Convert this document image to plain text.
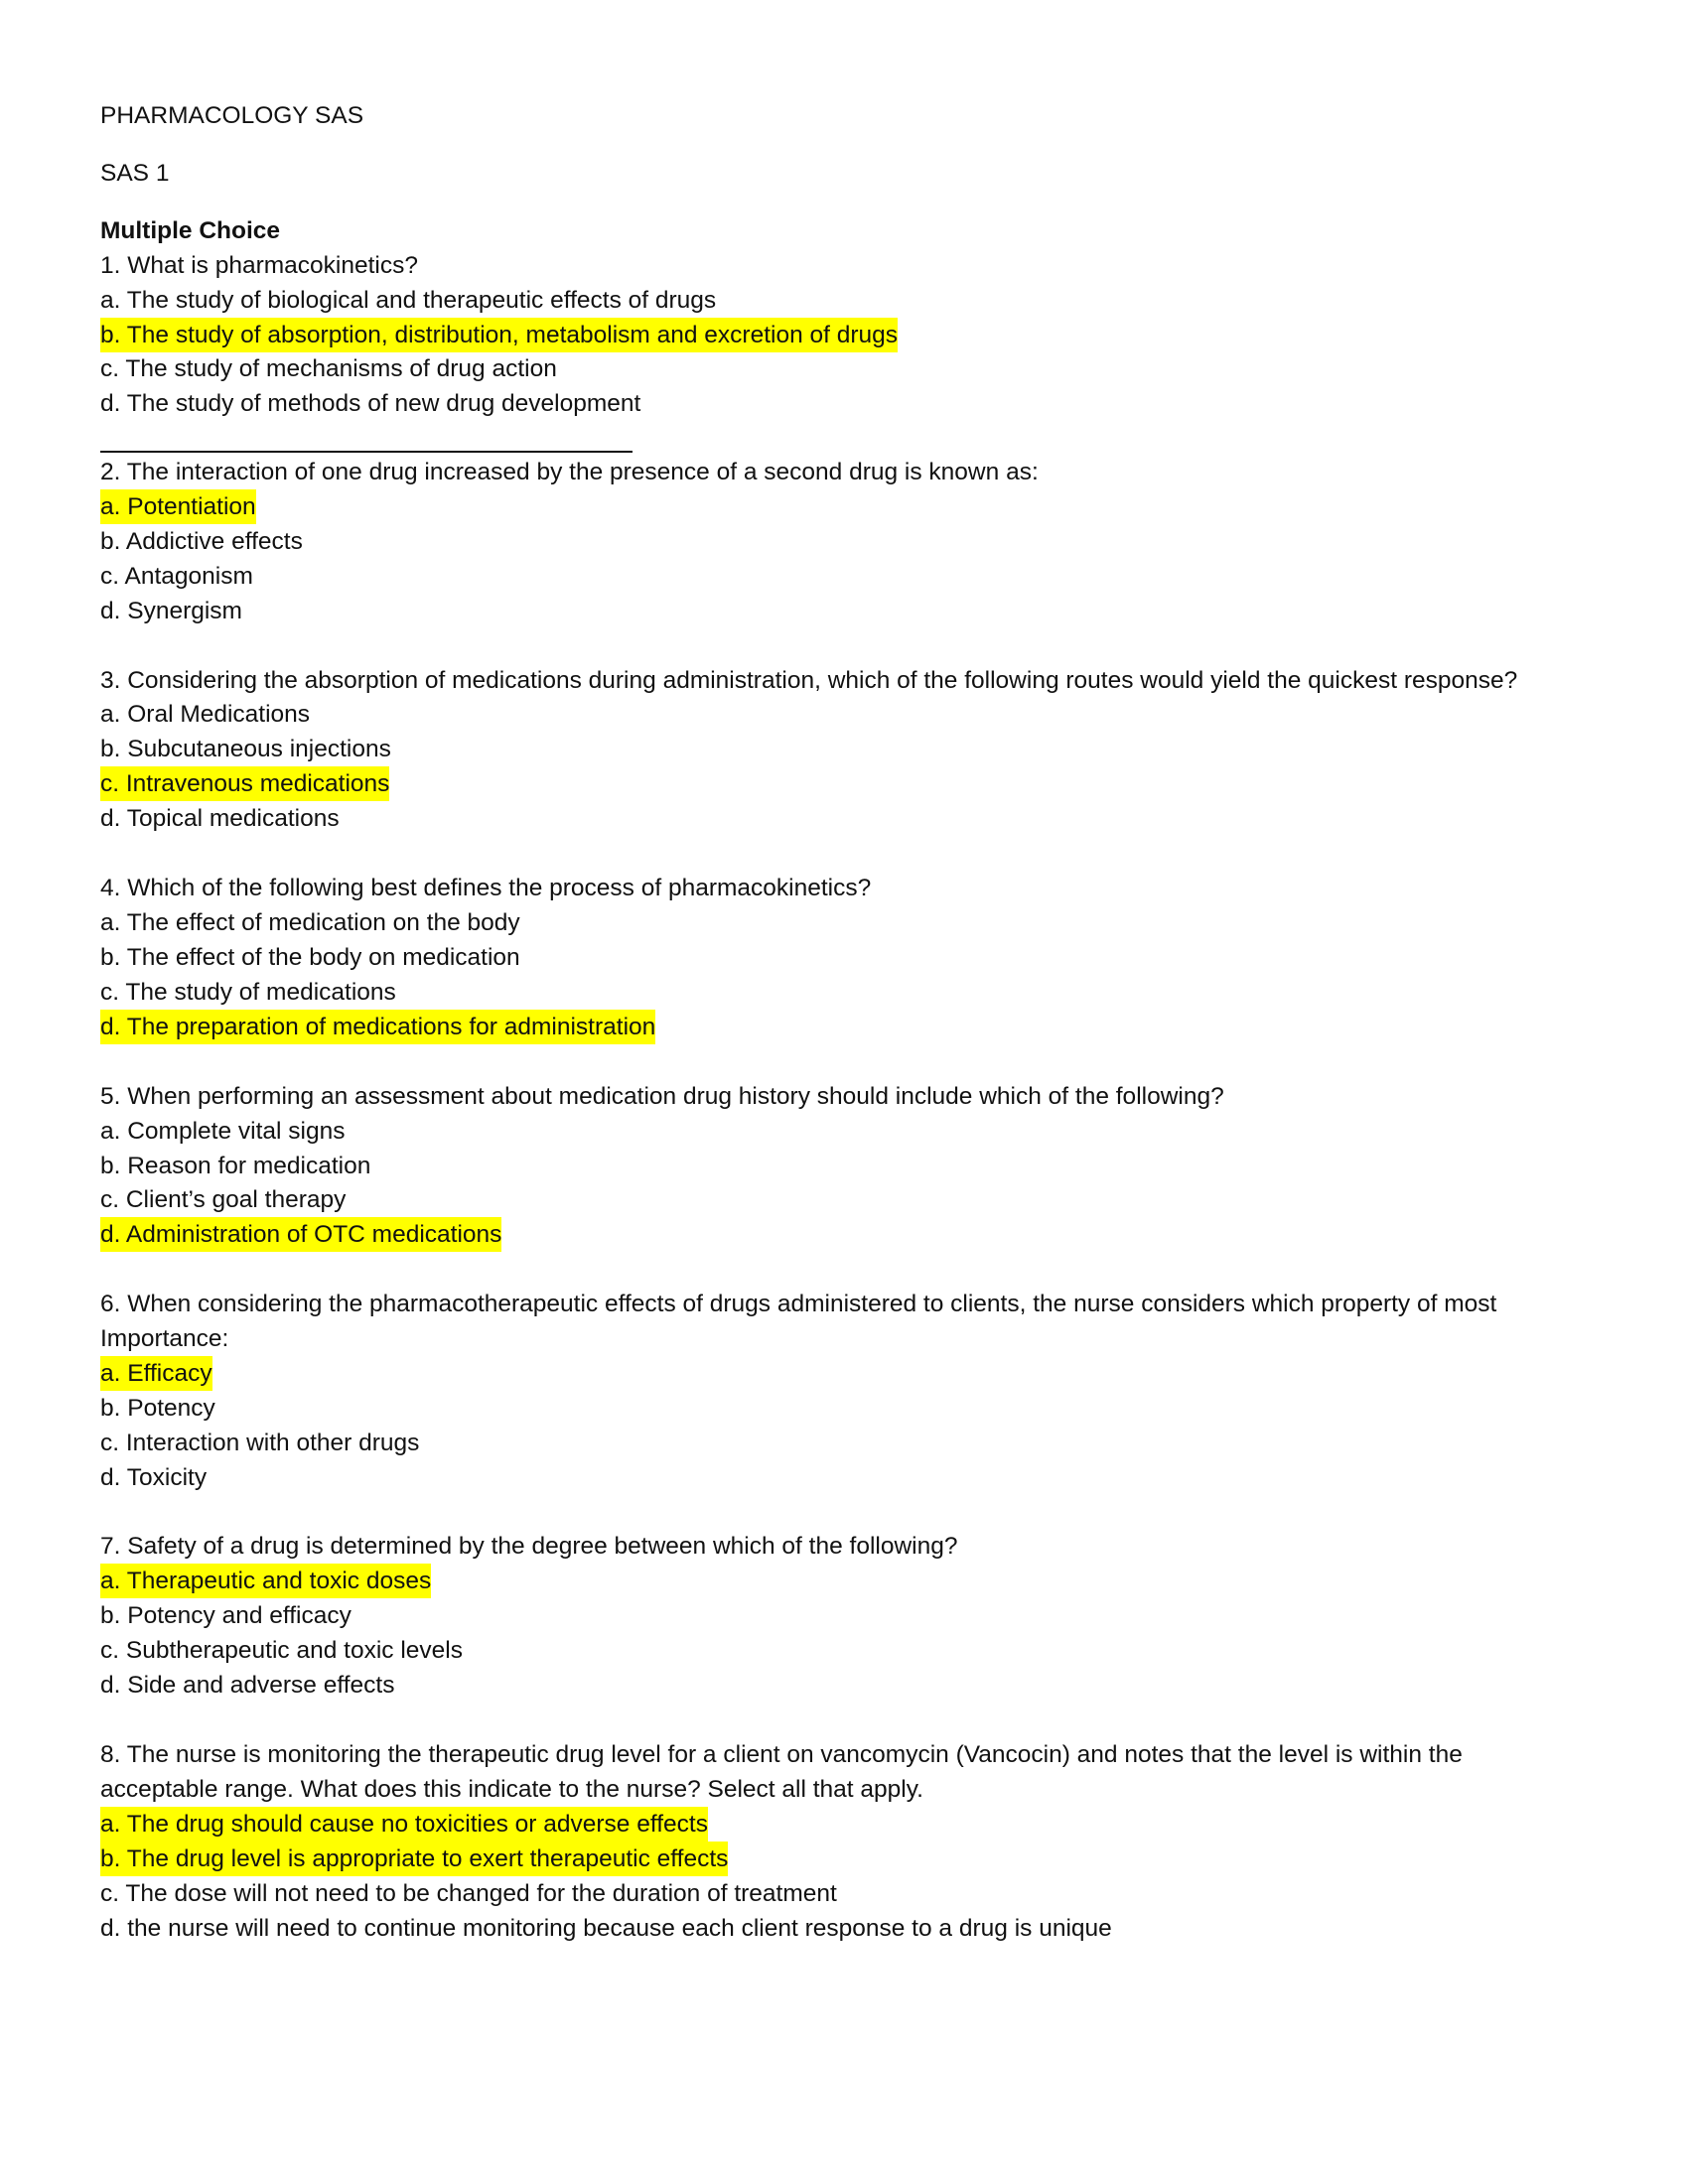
PHARMACOLOGY SAS
SAS 1
Multiple Choice
1. What is pharmacokinetics?
a. The study of biological and therapeutic effects of drugs
b. The study of absorption, distribution, metabolism and excretion of drugs
c. The study of mechanisms of drug action
d. The study of methods of new drug development
2. The interaction of one drug increased by the presence of a second drug is known as:
a. Potentiation
b. Addictive effects
c. Antagonism
d. Synergism
3. Considering the absorption of medications during administration, which of the following routes would yield the quickest response?
a. Oral Medications
b. Subcutaneous injections
c. Intravenous medications
d. Topical medications
4. Which of the following best defines the process of pharmacokinetics?
a. The effect of medication on the body
b. The effect of the body on medication
c. The study of medications
d. The preparation of medications for administration
5. When performing an assessment about medication drug history should include which of the following?
a. Complete vital signs
b. Reason for medication
c. Client’s goal therapy
d. Administration of OTC medications
6. When considering the pharmacotherapeutic effects of drugs administered to clients, the nurse considers which property of most
Importance:
a. Efficacy
b. Potency
c. Interaction with other drugs
d. Toxicity
7. Safety of a drug is determined by the degree between which of the following?
a. Therapeutic and toxic doses
b. Potency and efficacy
c. Subtherapeutic and toxic levels
d. Side and adverse effects
8. The nurse is monitoring the therapeutic drug level for a client on vancomycin (Vancocin) and notes that the level is within the
acceptable range. What does this indicate to the nurse? Select all that apply.
a. The drug should cause no toxicities or adverse effects
b. The drug level is appropriate to exert therapeutic effects
c. The dose will not need to be changed for the duration of treatment
d. the nurse will need to continue monitoring because each client response to a drug is unique
